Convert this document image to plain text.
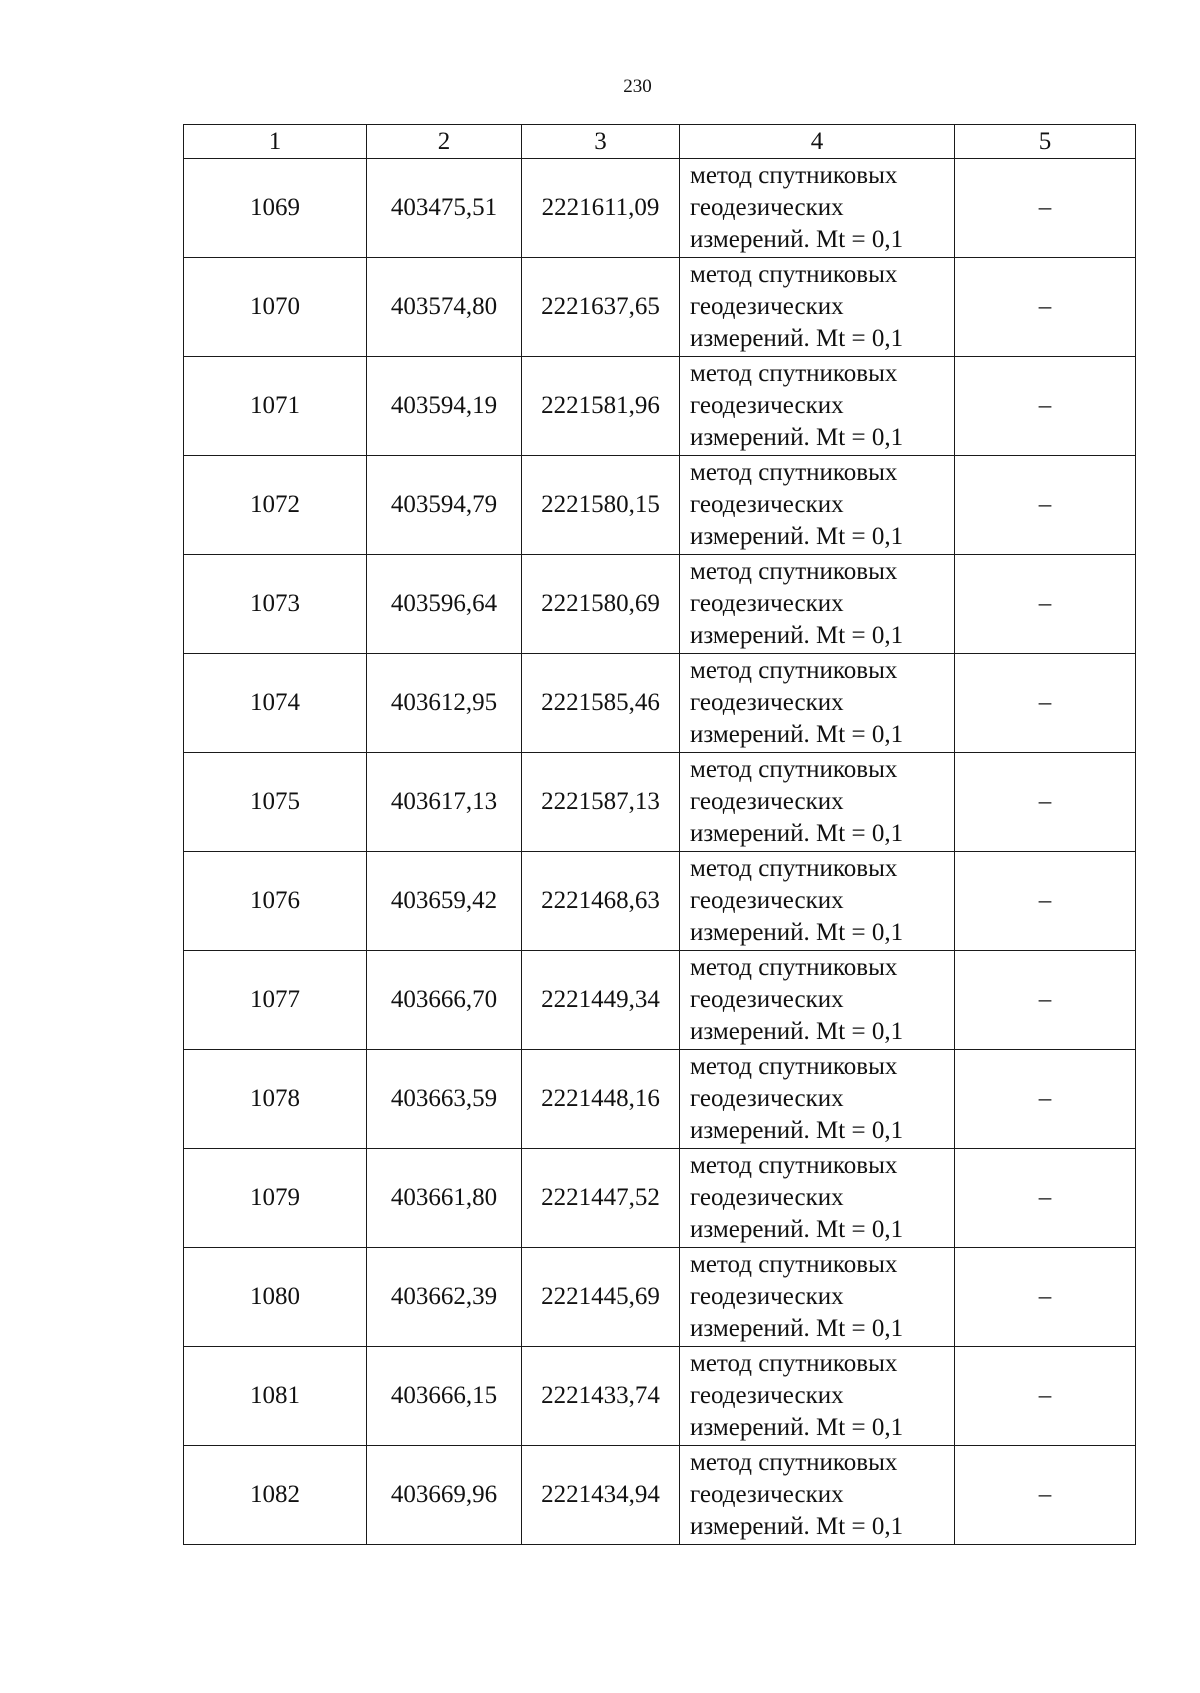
230
1	2	3	4	5
1069	403475,51	2221611,09	метод спутниковых
геодезических
измерений. Mt = 0,1	–
1070	403574,80	2221637,65	метод спутниковых
геодезических
измерений. Mt = 0,1	–
1071	403594,19	2221581,96	метод спутниковых
геодезических
измерений. Mt = 0,1	–
1072	403594,79	2221580,15	метод спутниковых
геодезических
измерений. Mt = 0,1	–
1073	403596,64	2221580,69	метод спутниковых
геодезических
измерений. Mt = 0,1	–
1074	403612,95	2221585,46	метод спутниковых
геодезических
измерений. Mt = 0,1	–
1075	403617,13	2221587,13	метод спутниковых
геодезических
измерений. Mt = 0,1	–
1076	403659,42	2221468,63	метод спутниковых
геодезических
измерений. Mt = 0,1	–
1077	403666,70	2221449,34	метод спутниковых
геодезических
измерений. Mt = 0,1	–
1078	403663,59	2221448,16	метод спутниковых
геодезических
измерений. Mt = 0,1	–
1079	403661,80	2221447,52	метод спутниковых
геодезических
измерений. Mt = 0,1	–
1080	403662,39	2221445,69	метод спутниковых
геодезических
измерений. Mt = 0,1	–
1081	403666,15	2221433,74	метод спутниковых
геодезических
измерений. Mt = 0,1	–
1082	403669,96	2221434,94	метод спутниковых
геодезических
измерений. Mt = 0,1	–
